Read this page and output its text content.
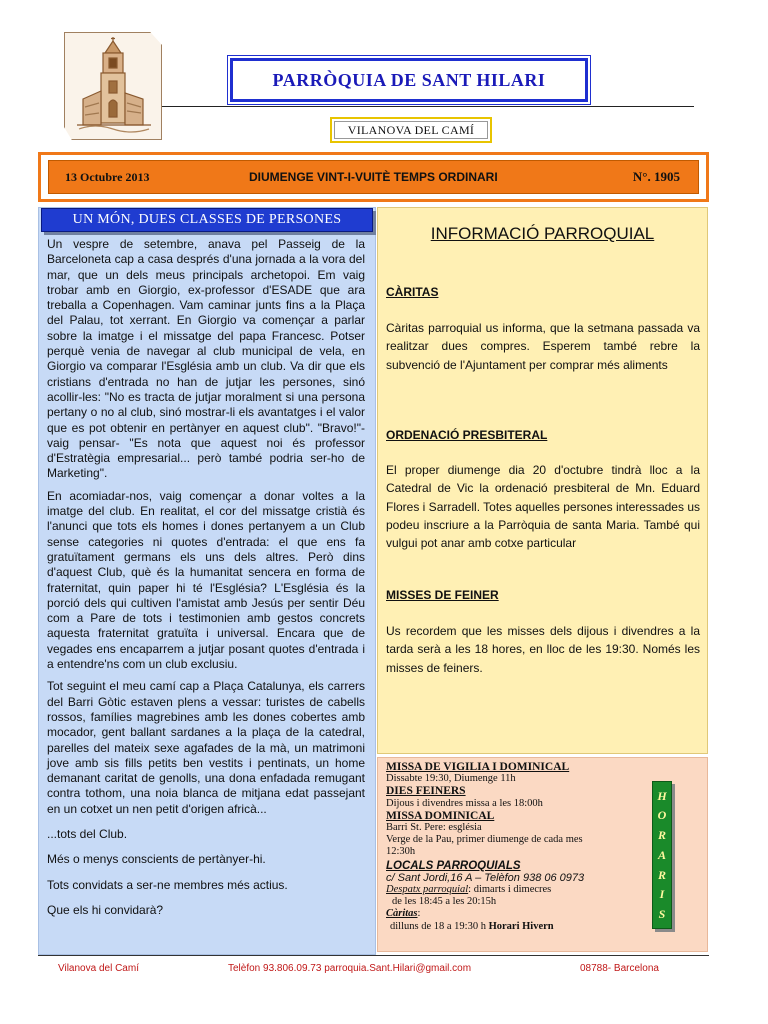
PARRÒQUIA DE SANT HILARI
VILANOVA DEL CAMÍ
13 Octubre 2013	DIUMENGE VINT-I-VUITÈ TEMPS ORDINARI	N°. 1905
UN MÓN, DUES CLASSES DE PERSONES

Un vespre de setembre, anava pel Passeig de la Barceloneta cap a casa després d'una jornada a la vora del mar, que un dels meus principals archetopoi. Em vaig trobar amb en Giorgio, ex-professor d'ESADE que ara treballa a Copenhagen. Vam caminar junts fins a la Plaça del Palau, tot xerrant. En Giorgio va començar a parlar sobre la imatge i el missatge del papa Francesc. Potser perquè venia de navegar al club municipal de vela, en Giorgio va comparar l'Església amb un club. Va dir que els cristians d'entrada no han de jutjar les persones, sinó acollir-les: "No es tracta de jutjar moralment si una persona pertany o no al club, sinó mostrar-li els avantatges i el valor que es pot obtenir en pertànyer en aquest club". "Bravo!"- vaig pensar- "Es nota que aquest noi és professor d'Estratègia empresarial... però també podria ser-ho de Marketing".

En acomiadar-nos, vaig començar a donar voltes a la imatge del club. En realitat, el cor del missatge cristià és l'anunci que tots els homes i dones pertanyem a un Club sense categories ni quotes d'entrada: el que ens fa gratuïtament germans els uns dels altres. Però dins d'aquest Club, què és la humanitat sencera en forma de fraternitat, quin paper hi té l'Església? L'Església és la porció dels qui cultiven l'amistat amb Jesús per sentir Déu com a Pare de tots i testimonien amb gestos concrets aquesta fraternitat gratuïta i universal. Encara que de vegades ens encaparrem a jutjar posant quotes d'entrada i a entendre'ns com un club exclusiu.

Tot seguint el meu camí cap a Plaça Catalunya, els carrers del Barri Gòtic estaven plens a vessar: turistes de cabells rossos, famílies magrebines amb les dones cobertes amb mocador, gent ballant sardanes a la plaça de la catedral, parelles del mateix sexe agafades de la mà, un matrimoni jove amb sis fills petits ben vestits i pentinats, un home demanant caritat de genolls, una dona enfadada remugant contra tothom, una noia blanca de mitjana edat passejant en un cotxet un nen petit d'origen africà...

...tots del Club.

Més o menys conscients de pertànyer-hi.

Tots convidats a ser-ne membres més actius.

Que els hi convidarà?

INFORMACIÓ PARROQUIAL
CÀRITAS
Càritas parroquial us informa, que la setmana passada va realitzar dues compres. Esperem també rebre la subvenció de l'Ajuntament per comprar més aliments
ORDENACIÓ PRESBITERAL
El proper diumenge dia 20 d'octubre tindrà lloc a la Catedral de Vic la ordenació presbiteral de Mn. Eduard Flores i Sarradell. Totes aquelles persones interessades us podeu inscriure a la Parròquia de santa Maria. També qui vulgui pot anar amb cotxe particular
MISSES DE FEINER
Us recordem que les misses dels dijous i divendres a la tarda serà a les 18 hores, en lloc de les 19:30. Només les misses de feiners.
MISSA DE VIGILIA I DOMINICAL
Dissabte 19:30, Diumenge 11h
DIES FEINERS
Dijous i divendres missa a les 18:00h
MISSA DOMINICAL
Barri St. Pere: església
Verge de la Pau, primer diumenge de cada mes
12:30h
LOCALS PARROQUIALS
c/ Sant Jordi,16 A – Telèfon 938 06 0973
Despatx parroquial: dimarts i dimecres
de les 18:45 a les 20:15h
Càritas:
dilluns de 18 a 19:30 h Horari Hivern
H
O
R
A
R
I
S
Vilanova del Camí	Telèfon 93.806.09.73 parroquia.Sant.Hilari@gmail.com	08788- Barcelona
